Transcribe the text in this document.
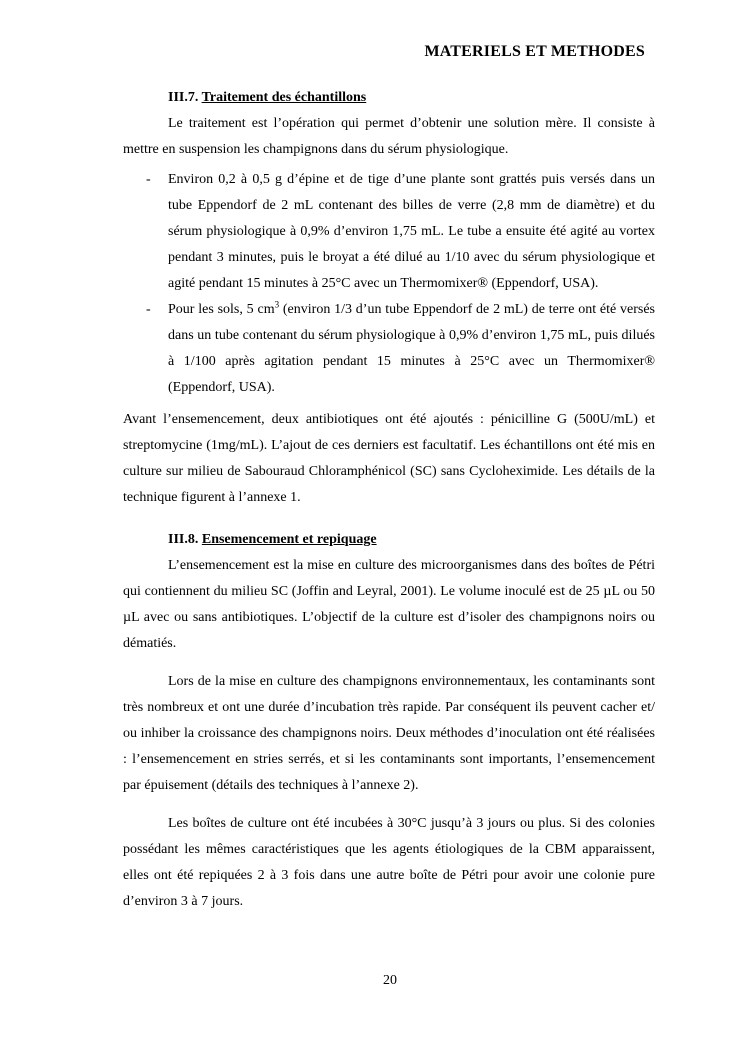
MATERIELS ET METHODES

III.7. Traitement des échantillons

Le traitement est l’opération qui permet d’obtenir une solution mère. Il consiste à mettre en suspension les champignons dans du sérum physiologique.

- Environ 0,2 à 0,5 g d’épine et de tige d’une plante sont grattés puis versés dans un tube Eppendorf de 2 mL contenant des billes de verre (2,8 mm de diamètre) et du sérum physiologique à 0,9% d’environ 1,75 mL. Le tube a ensuite été agité au vortex pendant 3 minutes, puis le broyat a été dilué au 1/10 avec du sérum physiologique et agité pendant 15 minutes à 25°C avec un Thermomixer® (Eppendorf, USA).
- Pour les sols, 5 $cm^3$ (environ 1/3 d’un tube Eppendorf de 2 mL) de terre ont été versés dans un tube contenant du sérum physiologique à 0,9% d’environ 1,75 mL, puis dilués à 1/100 après agitation pendant 15 minutes à 25°C avec un Thermomixer® (Eppendorf, USA).

Avant l’ensemencement, deux antibiotiques ont été ajoutés : pénicilline G (500U/mL) et streptomycine (1mg/mL). L’ajout de ces derniers est facultatif. Les échantillons ont été mis en culture sur milieu de Sabouraud Chloramphénicol (SC) sans Cycloheximide. Les détails de la technique figurent à l’annexe 1.

III.8. Ensemencement et repiquage

L’ensemencement est la mise en culture des microorganismes dans des boîtes de Pétri qui contiennent du milieu SC (Joffin and Leyral, 2001). Le volume inoculé est de 25 µL ou 50 µL avec ou sans antibiotiques. L’objectif de la culture est d’isoler des champignons noirs ou dématiés.

Lors de la mise en culture des champignons environnementaux, les contaminants sont très nombreux et ont une durée d’incubation très rapide. Par conséquent ils peuvent cacher et/ ou inhiber la croissance des champignons noirs. Deux méthodes d’inoculation ont été réalisées : l’ensemencement en stries serrés, et si les contaminants sont importants, l’ensemencement par épuisement (détails des techniques à l’annexe 2).

Les boîtes de culture ont été incubées à 30°C jusqu’à 3 jours ou plus. Si des colonies possédant les mêmes caractéristiques que les agents étiologiques de la CBM apparaissent, elles ont été repiquées 2 à 3 fois dans une autre boîte de Pétri pour avoir une colonie pure d’environ 3 à 7 jours.

20
